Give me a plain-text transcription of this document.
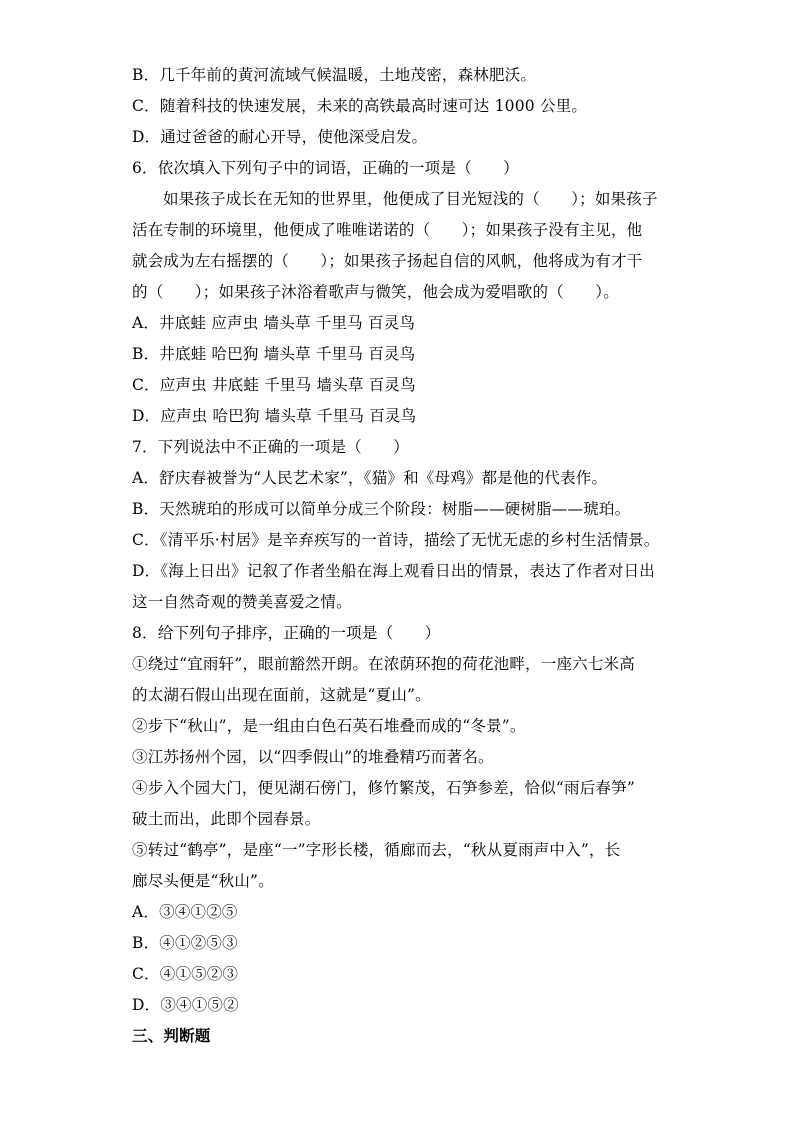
B．几千年前的黄河流域气候温暖，土地茂密，森林肥沃。
C．随着科技的快速发展，未来的高铁最高时速可达 1000 公里。
D．通过爸爸的耐心开导，使他深受启发。
6．依次填入下列句子中的词语，正确的一项是（　　）
如果孩子成长在无知的世界里，他便成了目光短浅的（　　）；如果孩子
活在专制的环境里，他便成了唯唯诺诺的（　　）；如果孩子没有主见，他
就会成为左右摇摆的（　　）；如果孩子扬起自信的风帆，他将成为有才干
的（　　）；如果孩子沐浴着歌声与微笑，他会成为爱唱歌的（　　）。
A．井底蛙 应声虫 墙头草 千里马 百灵鸟
B．井底蛙 哈巴狗 墙头草 千里马 百灵鸟
C．应声虫 井底蛙 千里马 墙头草 百灵鸟
D．应声虫 哈巴狗 墙头草 千里马 百灵鸟
7．下列说法中不正确的一项是（　　）
A．舒庆春被誉为“人民艺术家”，《猫》和《母鸡》都是他的代表作。
B．天然琥珀的形成可以简单分成三个阶段：树脂——硬树脂——琥珀。
C．《清平乐·村居》是辛弃疾写的一首诗，描绘了无忧无虑的乡村生活情景。
D．《海上日出》记叙了作者坐船在海上观看日出的情景，表达了作者对日出
这一自然奇观的赞美喜爱之情。
8．给下列句子排序，正确的一项是（　　）
①绕过“宜雨轩”，眼前豁然开朗。在浓荫环抱的荷花池畔，一座六七米高
的太湖石假山出现在面前，这就是“夏山”。
②步下“秋山”，是一组由白色石英石堆叠而成的“冬景”。
③江苏扬州个园，以“四季假山”的堆叠精巧而著名。
④步入个园大门，便见湖石傍门，修竹繁茂，石笋参差，恰似“雨后春笋”
破土而出，此即个园春景。
⑤转过“鹤亭”，是座“一”字形长楼，循廊而去，“秋从夏雨声中入”，长
廊尽头便是“秋山”。
A．③④①②⑤
B．④①②⑤③
C．④①⑤②③
D．③④①⑤②
三、判断题
